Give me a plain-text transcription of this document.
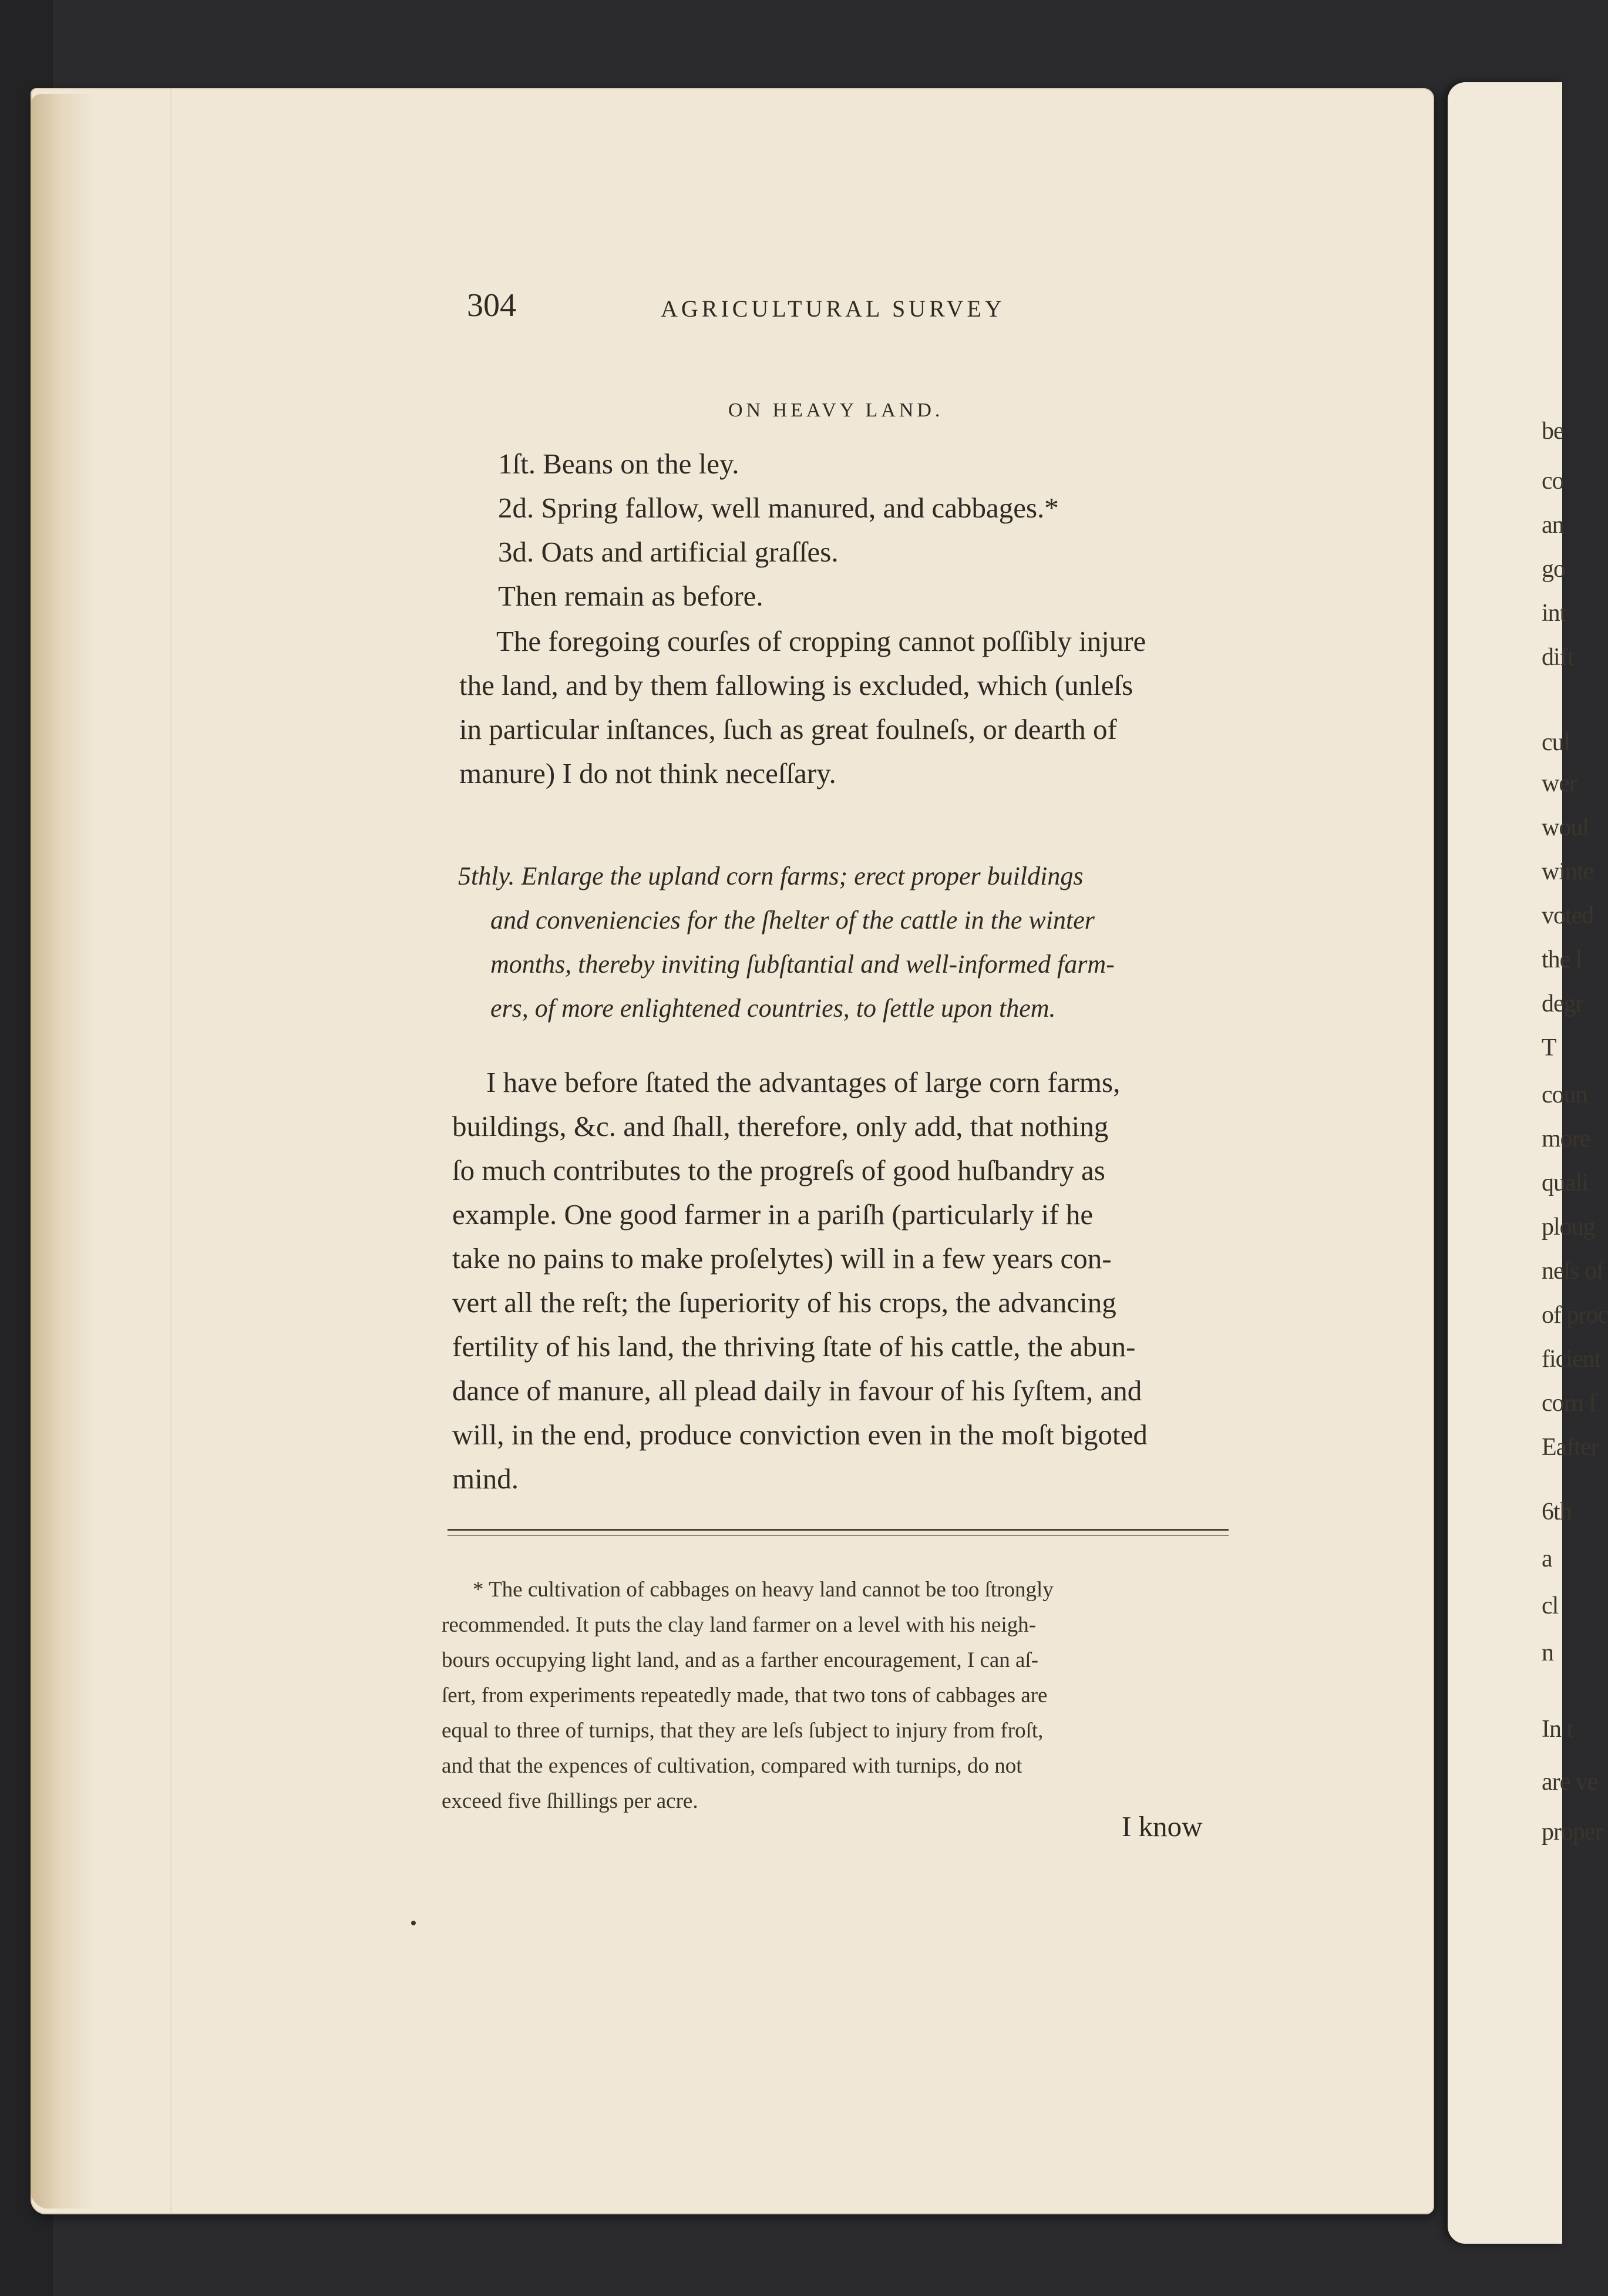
be
co
an
go
int
dift
cul
wer
woul
winte
voted
the l
degr
T
coun
more
quali
ploug
neſs of
of proc
ficient
corn f
Eafter
6th
a
cl
n
In t
are ve
proper
304	AGRICULTURAL SURVEY
ON HEAVY LAND.
1ſt. Beans on the ley.
2d. Spring fallow, well manured, and cabbages.*
3d. Oats and artificial graſſes.
Then remain as before.
The foregoing courſes of cropping cannot poſſibly injure
the land, and by them fallowing is excluded, which (unleſs
in particular inſtances, ſuch as great foulneſs, or dearth of
manure) I do not think neceſſary.
5thly. Enlarge the upland corn farms; erect proper buildings
and conveniencies for the ſhelter of the cattle in the winter
months, thereby inviting ſubſtantial and well-informed farm-
ers, of more enlightened countries, to ſettle upon them.
I have before ſtated the advantages of large corn farms,
buildings, &c. and ſhall, therefore, only add, that nothing
ſo much contributes to the progreſs of good huſbandry as
example. One good farmer in a pariſh (particularly if he
take no pains to make proſelytes) will in a few years con-
vert all the reſt; the ſuperiority of his crops, the advancing
fertility of his land, the thriving ſtate of his cattle, the abun-
dance of manure, all plead daily in favour of his ſyſtem, and
will, in the end, produce conviction even in the moſt bigoted
mind.
* The cultivation of cabbages on heavy land cannot be too ſtrongly
recommended. It puts the clay land farmer on a level with his neigh-
bours occupying light land, and as a farther encouragement, I can aſ-
ſert, from experiments repeatedly made, that two tons of cabbages are
equal to three of turnips, that they are leſs ſubject to injury from froſt,
and that the expences of cultivation, compared with turnips, do not
exceed five ſhillings per acre.
I know
